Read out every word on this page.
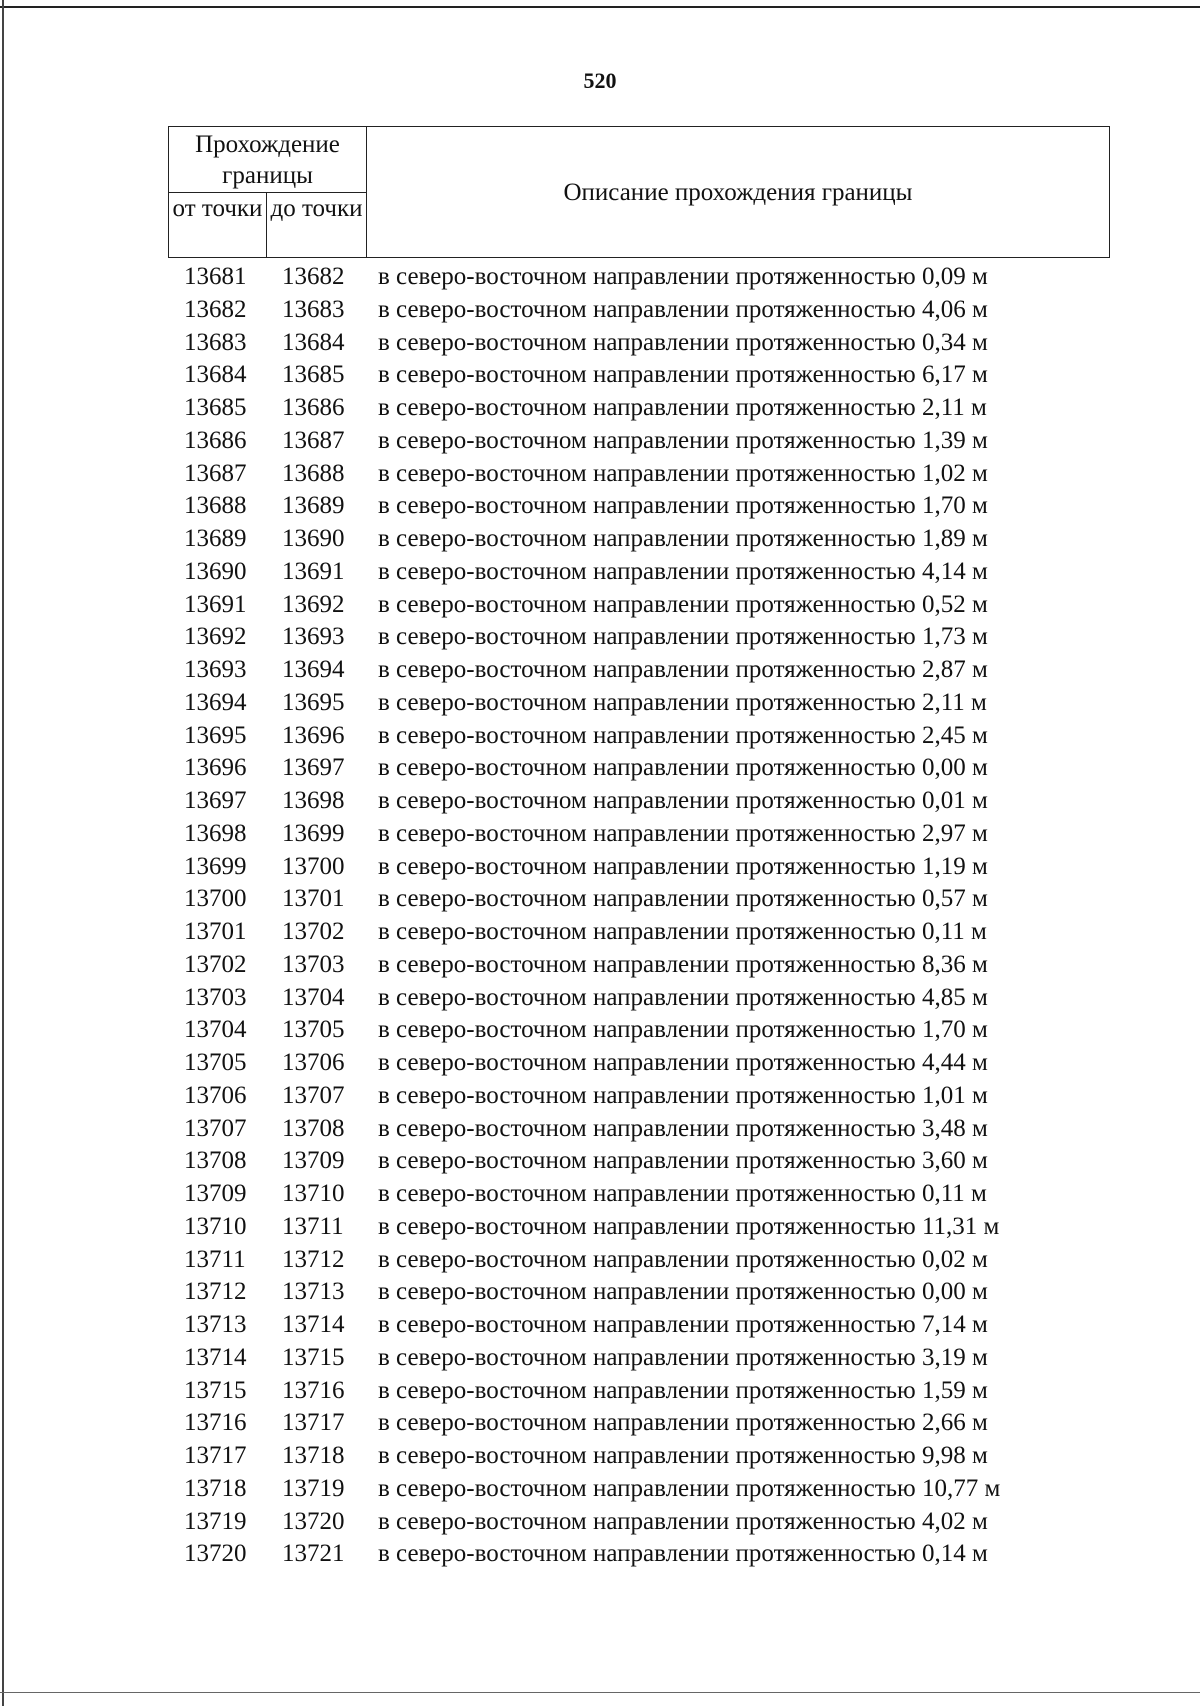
520
Прохождение границы
от точки до точки
Описание прохождения границы
13681 13682 в северо-восточном направлении протяженностью 0,09 м
13682 13683 в северо-восточном направлении протяженностью 4,06 м
13683 13684 в северо-восточном направлении протяженностью 0,34 м
13684 13685 в северо-восточном направлении протяженностью 6,17 м
13685 13686 в северо-восточном направлении протяженностью 2,11 м
13686 13687 в северо-восточном направлении протяженностью 1,39 м
13687 13688 в северо-восточном направлении протяженностью 1,02 м
13688 13689 в северо-восточном направлении протяженностью 1,70 м
13689 13690 в северо-восточном направлении протяженностью 1,89 м
13690 13691 в северо-восточном направлении протяженностью 4,14 м
13691 13692 в северо-восточном направлении протяженностью 0,52 м
13692 13693 в северо-восточном направлении протяженностью 1,73 м
13693 13694 в северо-восточном направлении протяженностью 2,87 м
13694 13695 в северо-восточном направлении протяженностью 2,11 м
13695 13696 в северо-восточном направлении протяженностью 2,45 м
13696 13697 в северо-восточном направлении протяженностью 0,00 м
13697 13698 в северо-восточном направлении протяженностью 0,01 м
13698 13699 в северо-восточном направлении протяженностью 2,97 м
13699 13700 в северо-восточном направлении протяженностью 1,19 м
13700 13701 в северо-восточном направлении протяженностью 0,57 м
13701 13702 в северо-восточном направлении протяженностью 0,11 м
13702 13703 в северо-восточном направлении протяженностью 8,36 м
13703 13704 в северо-восточном направлении протяженностью 4,85 м
13704 13705 в северо-восточном направлении протяженностью 1,70 м
13705 13706 в северо-восточном направлении протяженностью 4,44 м
13706 13707 в северо-восточном направлении протяженностью 1,01 м
13707 13708 в северо-восточном направлении протяженностью 3,48 м
13708 13709 в северо-восточном направлении протяженностью 3,60 м
13709 13710 в северо-восточном направлении протяженностью 0,11 м
13710 13711 в северо-восточном направлении протяженностью 11,31 м
13711 13712 в северо-восточном направлении протяженностью 0,02 м
13712 13713 в северо-восточном направлении протяженностью 0,00 м
13713 13714 в северо-восточном направлении протяженностью 7,14 м
13714 13715 в северо-восточном направлении протяженностью 3,19 м
13715 13716 в северо-восточном направлении протяженностью 1,59 м
13716 13717 в северо-восточном направлении протяженностью 2,66 м
13717 13718 в северо-восточном направлении протяженностью 9,98 м
13718 13719 в северо-восточном направлении протяженностью 10,77 м
13719 13720 в северо-восточном направлении протяженностью 4,02 м
13720 13721 в северо-восточном направлении протяженностью 0,14 м
